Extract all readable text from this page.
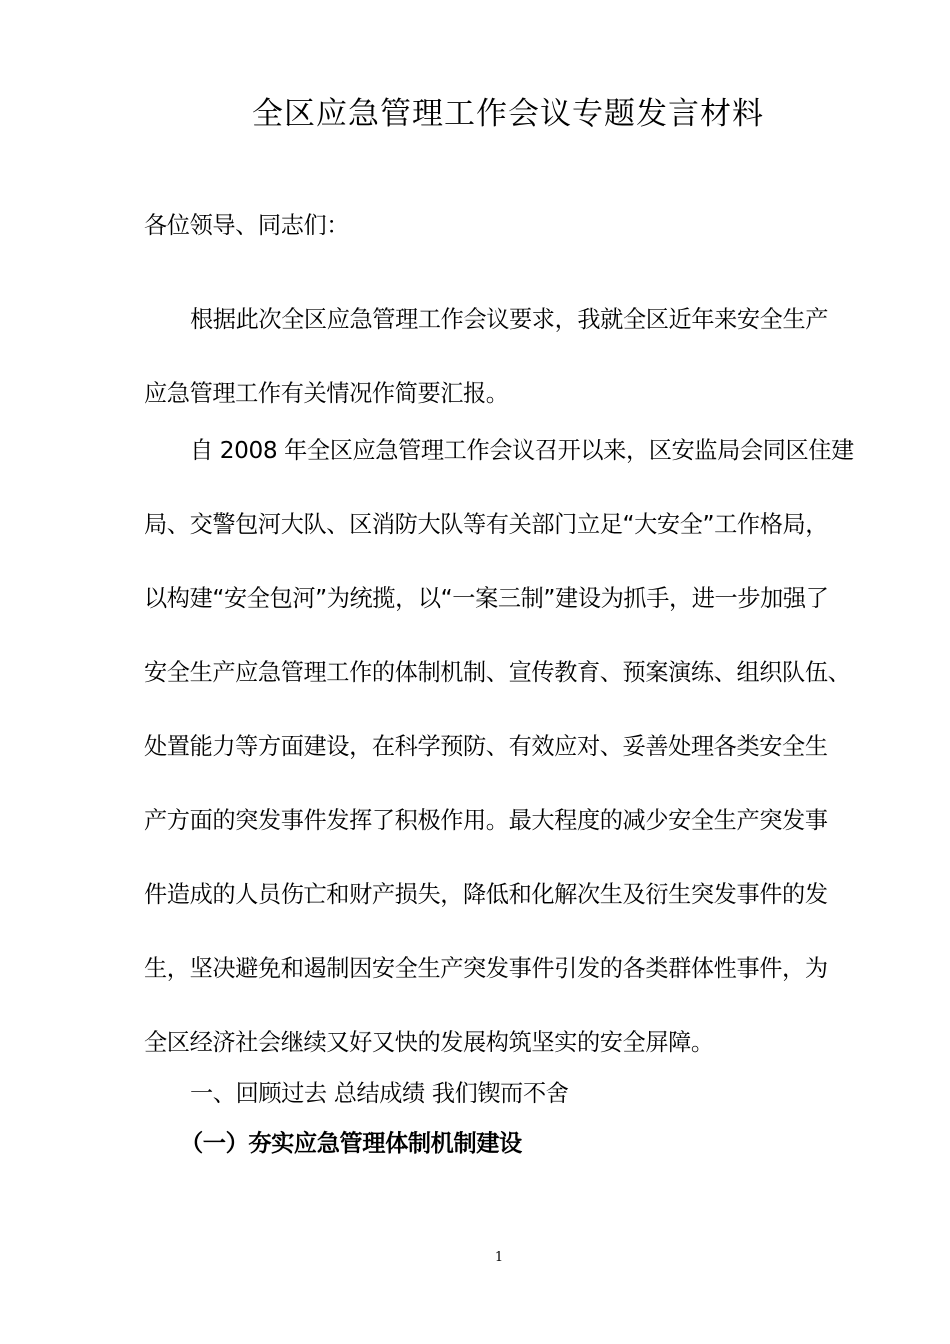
全区应急管理工作会议专题发言材料
各位领导、同志们：
根据此次全区应急管理工作会议要求，我就全区近年来安全生产
应急管理工作有关情况作简要汇报。
自 2008 年全区应急管理工作会议召开以来，区安监局会同区住建
局、交警包河大队、区消防大队等有关部门立足“大安全”工作格局，
以构建“安全包河”为统揽，以“一案三制”建设为抓手，进一步加强了
安全生产应急管理工作的体制机制、宣传教育、预案演练、组织队伍、
处置能力等方面建设，在科学预防、有效应对、妥善处理各类安全生
产方面的突发事件发挥了积极作用。最大程度的减少安全生产突发事
件造成的人员伤亡和财产损失，降低和化解次生及衍生突发事件的发
生，坚决避免和遏制因安全生产突发事件引发的各类群体性事件，为
全区经济社会继续又好又快的发展构筑坚实的安全屏障。
一、回顾过去 总结成绩 我们锲而不舍
（一）夯实应急管理体制机制建设
1
